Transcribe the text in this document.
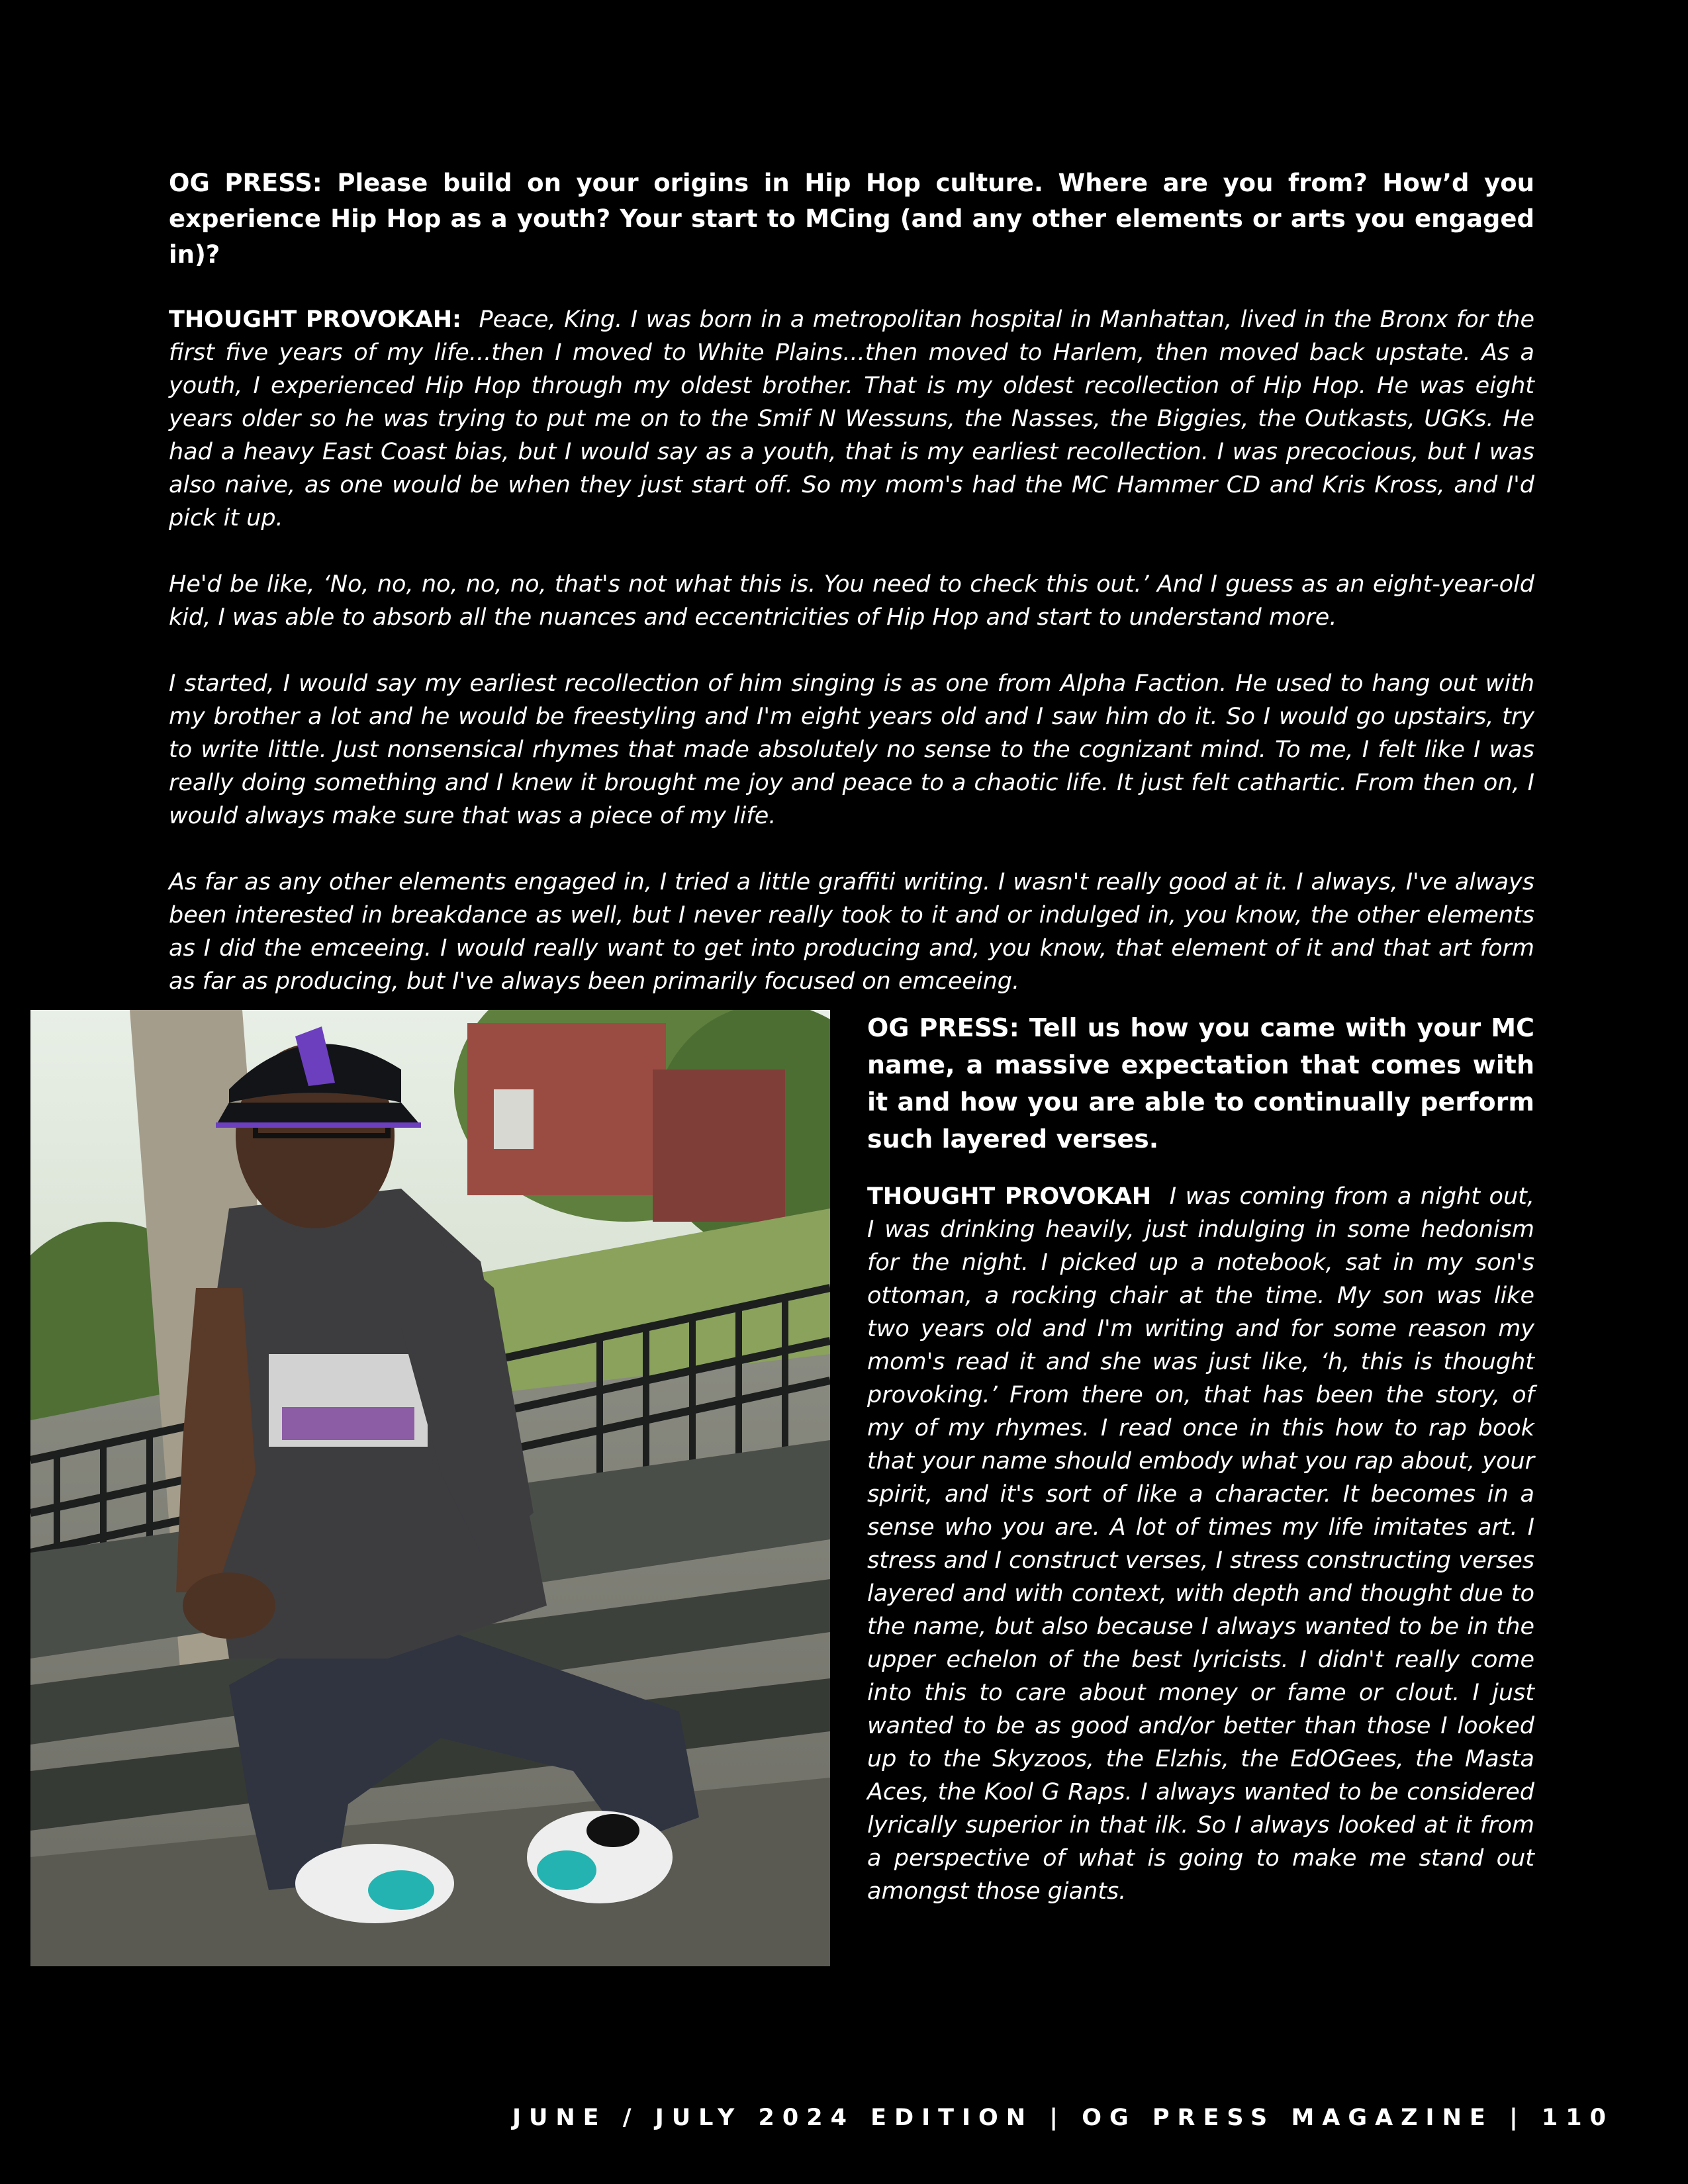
OG PRESS: Please build on your origins in Hip Hop culture. Where are you from? How’d you experience Hip Hop as a youth? Your start to MCing (and any other elements or arts you engaged in)?

THOUGHT PROVOKAH: Peace, King. I was born in a metropolitan hospital in Manhattan, lived in the Bronx for the first five years of my life...then I moved to White Plains...then moved to Harlem, then moved back upstate. As a youth, I experienced Hip Hop through my oldest brother. That is my oldest recollection of Hip Hop. He was eight years older so he was trying to put me on to the Smif N Wessuns, the Nasses, the Biggies, the Outkasts, UGKs. He had a heavy East Coast bias, but I would say as a youth, that is my earliest recollection. I was precocious, but I was also naive, as one would be when they just start off. So my mom's had the MC Hammer CD and Kris Kross, and I'd pick it up.

He'd be like, ‘No, no, no, no, no, that's not what this is. You need to check this out.’ And I guess as an eight-year-old kid, I was able to absorb all the nuances and eccentricities of Hip Hop and start to understand more.

I started, I would say my earliest recollection of him singing is as one from Alpha Faction. He used to hang out with my brother a lot and he would be freestyling and I'm eight years old and I saw him do it. So I would go upstairs, try to write little. Just nonsensical rhymes that made absolutely no sense to the cognizant mind. To me, I felt like I was really doing something and I knew it brought me joy and peace to a chaotic life. It just felt cathartic. From then on, I would always make sure that was a piece of my life.

As far as any other elements engaged in, I tried a little graffiti writing. I wasn't really good at it. I always, I've always been interested in breakdance as well, but I never really took to it and or indulged in, you know, the other elements as I did the emceeing. I would really want to get into producing and, you know, that element of it and that art form as far as producing, but I've always been primarily focused on emceeing.

OG PRESS: Tell us how you came with your MC name, a massive expectation that comes with it and how you are able to continually perform such layered verses.

THOUGHT PROVOKAH I was coming from a night out, I was drinking heavily, just indulging in some hedonism for the night. I picked up a notebook, sat in my son's ottoman, a rocking chair at the time. My son was like two years old and I'm writing and for some reason my mom's read it and she was just like, ‘h, this is thought provoking.’ From there on, that has been the story, of my of my rhymes. I read once in this how to rap book that your name should embody what you rap about, your spirit, and it's sort of like a character. It becomes in a sense who you are. A lot of times my life imitates art. I stress and I construct verses, I stress constructing verses layered and with context, with depth and thought due to the name, but also because I always wanted to be in the upper echelon of the best lyricists. I didn't really come into this to care about money or fame or clout. I just wanted to be as good and/or better than those I looked up to the Skyzoos, the Elzhis, the EdOGees, the Masta Aces, the Kool G Raps. I always wanted to be considered lyrically superior in that ilk. So I always looked at it from a perspective of what is going to make me stand out amongst those giants.

JUNE / JULY 2024 EDITION | OG PRESS MAGAZINE | 110
